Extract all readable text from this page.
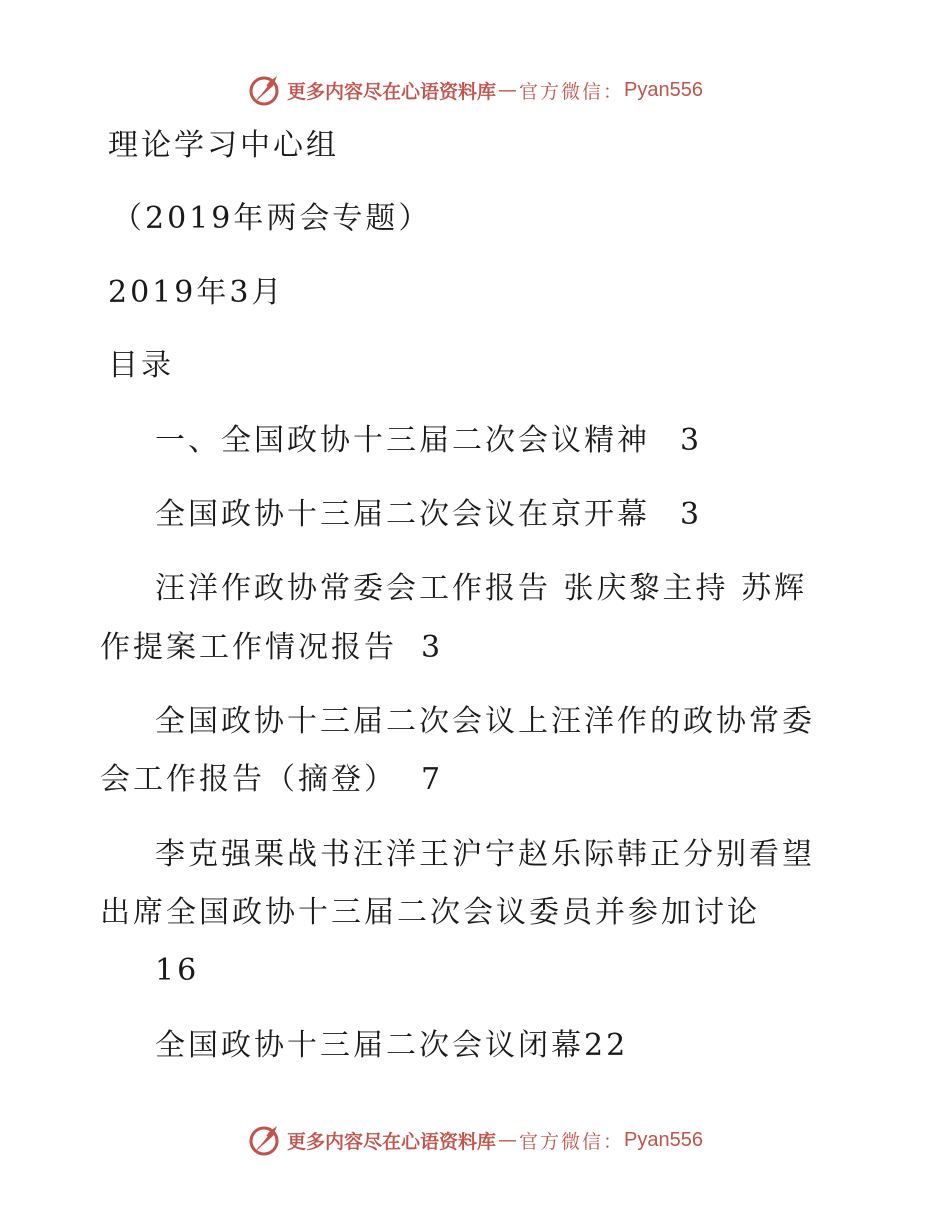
更多内容尽在心语资料库 — 官方微信： Pyan556
理论学习中心组
（2019年两会专题）
2019年3月
目录
一、全国政协十三届二次会议精神 3
全国政协十三届二次会议在京开幕 3
汪洋作政协常委会工作报告 张庆黎主持 苏辉
作提案工作情况报告 3
全国政协十三届二次会议上汪洋作的政协常委
会工作报告（摘登） 7
李克强栗战书汪洋王沪宁赵乐际韩正分别看望
出席全国政协十三届二次会议委员并参加讨论
16
全国政协十三届二次会议闭幕22
更多内容尽在心语资料库 — 官方微信： Pyan556
